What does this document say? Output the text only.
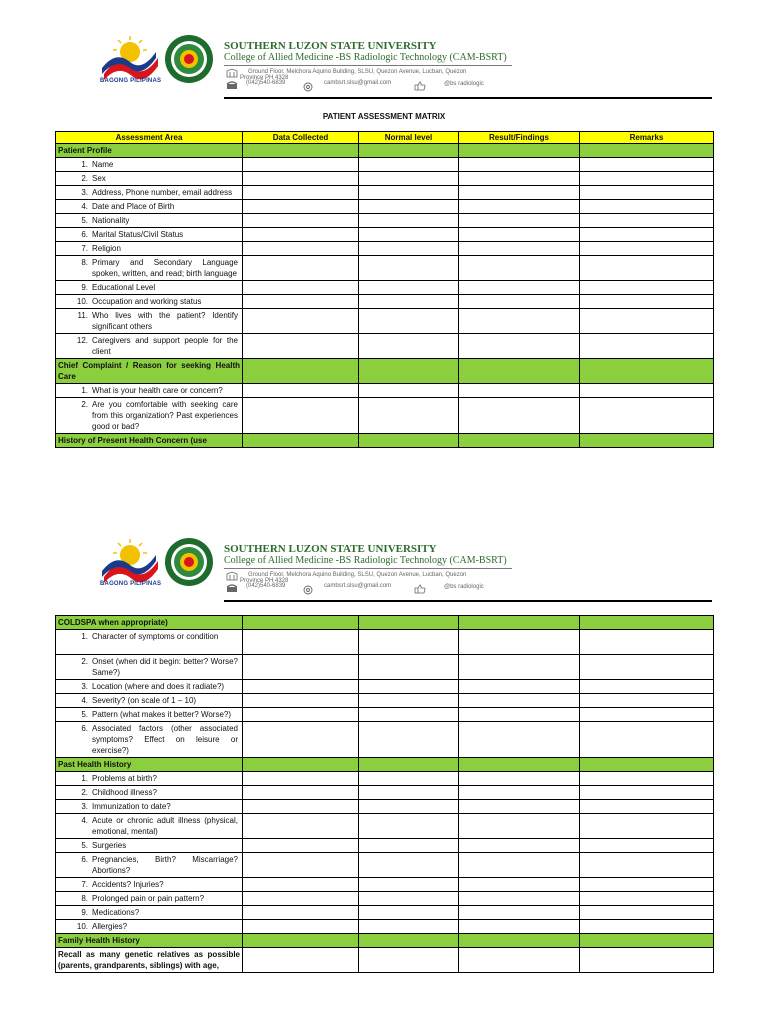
BAGONG PILIPINAS
SOUTHERN LUZON STATE UNIVERSITY
College of Allied Medicine -BS Radiologic Technology (CAM-BSRT)
Ground Floor, Melchora Aquino Building, SLSU, Quezon Avenue, Lucban, Quezon
Province PH 4328
(042)540-6839	cambsrt.slsu@gmail.com	@bs radiologic
PATIENT ASSESSMENT MATRIX
Assessment Area	Data Collected	Normal level	Result/Findings	Remarks
Patient Profile				
1. Name				
2. Sex				
3. Address, Phone number, email address				
4. Date and Place of Birth				
5. Nationality				
6. Marital Status/Civil Status				
7. Religion				
8. Primary and Secondary Language spoken, written, and read; birth language				
9. Educational Level				
10. Occupation and working status				
11. Who lives with the patient? Identify significant others				
12. Caregivers and support people for the client				
Chief Complaint / Reason for seeking Health Care				
1. What is your health care or concern?				
2. Are you comfortable with seeking care from this organization? Past experiences good or bad?				
History of Present Health Concern (use				
BAGONG PILIPINAS
SOUTHERN LUZON STATE UNIVERSITY
College of Allied Medicine -BS Radiologic Technology (CAM-BSRT)
Ground Floor, Melchora Aquino Building, SLSU, Quezon Avenue, Lucban, Quezon
Province PH 4328
(042)540-6839	cambsrt.slsu@gmail.com	@bs radiologic
COLDSPA when appropriate)				
1. Character of symptoms or condition				
2. Onset (when did it begin: better? Worse? Same?)				
3. Location (where and does it radiate?)				
4. Severity? (on scale of 1 – 10)				
5. Pattern (what makes it better? Worse?)				
6. Associated factors (other associated symptoms? Effect on leisure or exercise?)				
Past Health History				
1. Problems at birth?				
2. Childhood illness?				
3. Immunization to date?				
4. Acute or chronic adult illness (physical, emotional, mental)				
5. Surgeries				
6. Pregnancies, Birth? Miscarriage? Abortions?				
7. Accidents? Injuries?				
8. Prolonged pain or pain pattern?				
9. Medications?				
10. Allergies?				
Family Health History				
Recall as many genetic relatives as possible (parents, grandparents, siblings) with age,				
